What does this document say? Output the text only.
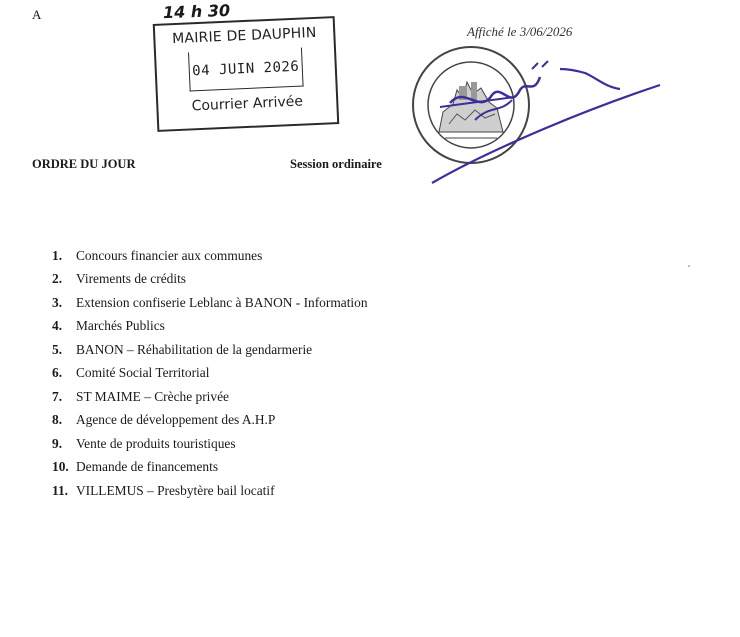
A	14 h 30
MAIRIE DE DAUPHIN
04 JUIN 2026
Courrier Arrivée
Affiché le 3/06/2026
ORDRE DU JOUR	Session ordinaire
1.	Concours financier aux communes
2.	Virements de crédits
3.	Extension confiserie Leblanc à BANON - Information
4.	Marchés Publics
5.	BANON – Réhabilitation de la gendarmerie
6.	Comité Social Territorial
7.	ST MAIME – Crèche privée
8.	Agence de développement des A.H.P
9.	Vente de produits touristiques
10. Demande de financements
11. VILLEMUS – Presbytère bail locatif
